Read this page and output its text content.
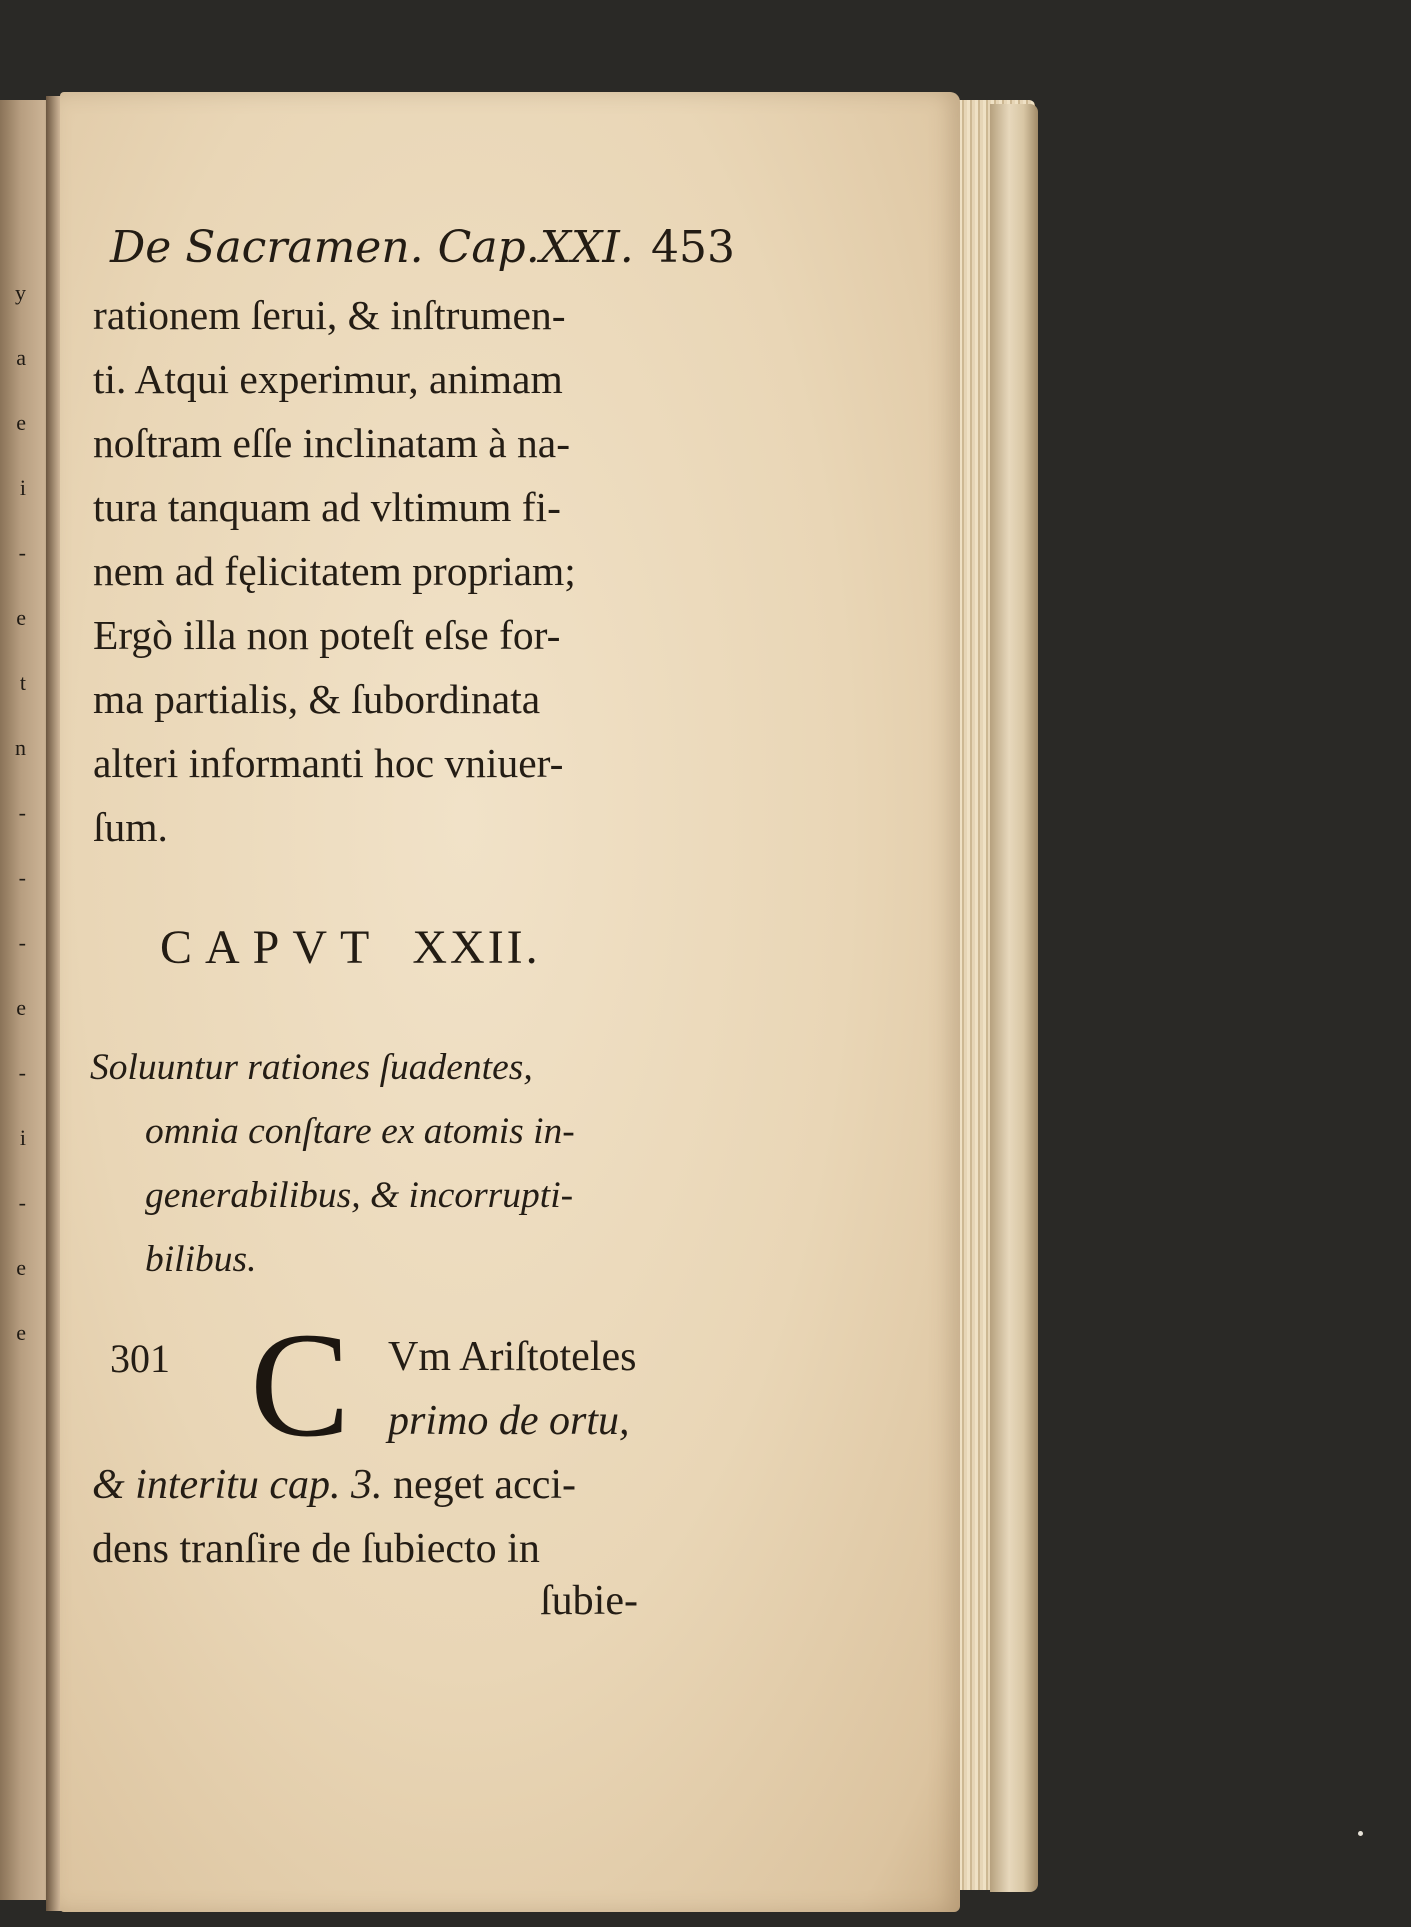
y
a
e
i
-
e
t
n
-
-
-
e
-
i
-
e
e
De Sacramen. Cap.XXI. 453
rationem ſerui, & inſtrumen-
ti. Atqui experimur, animam
noſtram eſſe inclinatam à na-
tura tanquam ad vltimum fi-
nem ad fęlicitatem propriam;
Ergò illa non poteſt eſse for-
ma partialis, & ſubordinata
alteri informanti hoc vniuer-
ſum.
CAPVT XXII.
Soluuntur rationes ſuadentes,
omnia conſtare ex atomis in-
generabilibus, & incorrupti-
bilibus.
301 C Vm Ariſtoteles
primo de ortu,
& interitu cap. 3. neget acci-
dens tranſire de ſubiecto in
ſubie-
